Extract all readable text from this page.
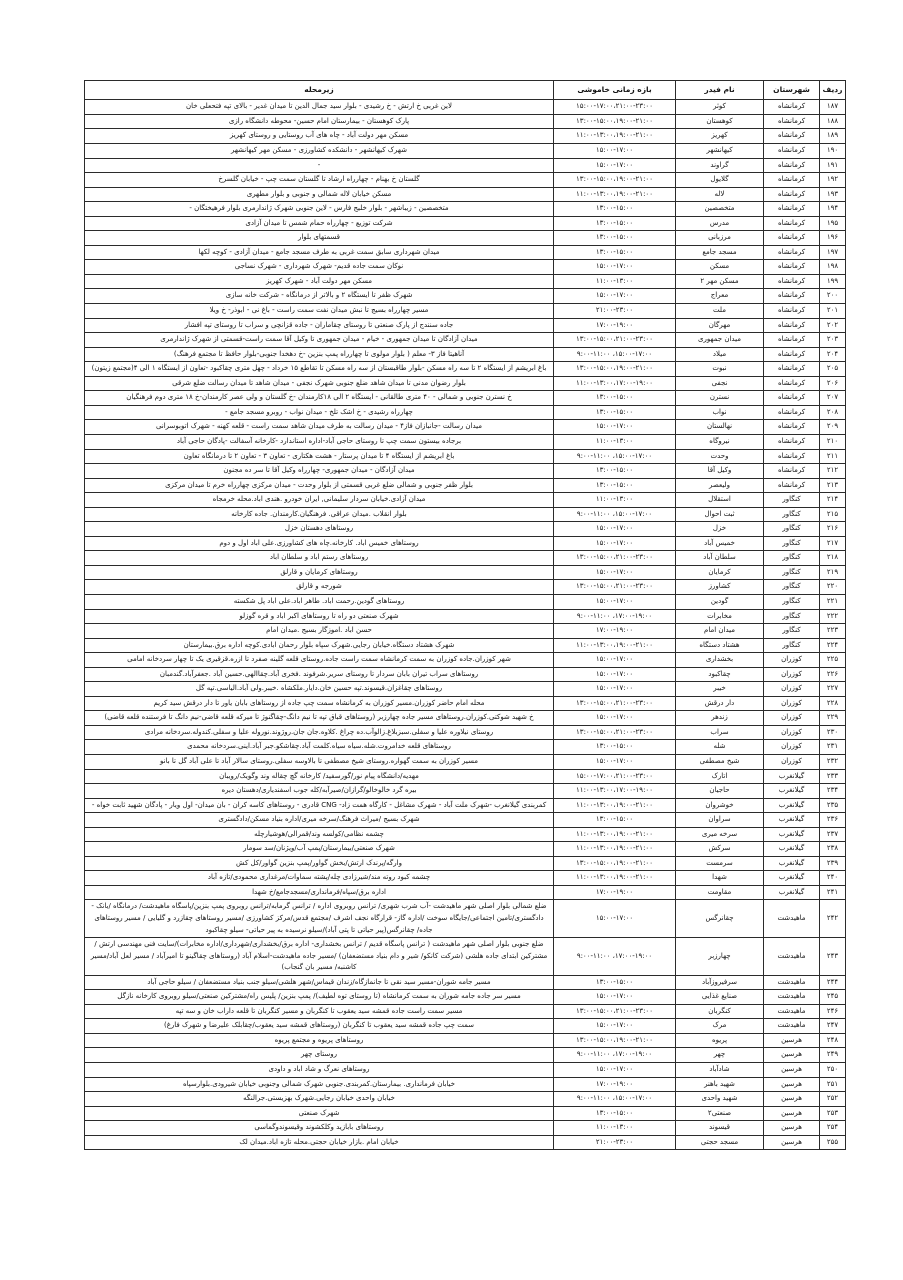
ردیف	شهرستان	نام فیدر	بازه زمانی خاموشی	زیرمحله
۱۸۷	کرمانشاه	کوثر	۱۵:۰۰-۱۷:۰۰،۲۱:۰۰-۲۳:۰۰	لاین غربی خ ارتش - خ رشیدی - بلوار سید جمال الدین تا میدان غدیر - بالای تپه فتحعلی خان
۱۸۸	کرمانشاه	کوهستان	۱۳:۰۰-۱۵:۰۰،۱۹:۰۰-۲۱:۰۰	پارک کوهستان - بیمارستان امام حسین- محوطه دانشگاه رازی
۱۸۹	کرمانشاه	کهریز	۱۱:۰۰-۱۳:۰۰،۱۹:۰۰-۲۱:۰۰	مسکن مهر دولت آباد - چاه های آب روستایی و روستای کهریز
۱۹۰	کرمانشاه	کیهانشهر	۱۵:۰۰-۱۷:۰۰	شهرک کیهانشهر - دانشکده کشاورزی - مسکن مهر کیهانشهر
۱۹۱	کرمانشاه	گراوند	۱۵:۰۰-۱۷:۰۰	-
۱۹۲	کرمانشاه	گلایول	۱۳:۰۰-۱۵:۰۰،۱۹:۰۰-۲۱:۰۰	گلستان خ بهنام - چهارراه ارشاد تا گلستان سمت چپ - خیابان گلسرخ
۱۹۳	کرمانشاه	لاله	۱۱:۰۰-۱۳:۰۰،۱۹:۰۰-۲۱:۰۰	مسکن خیابان لاله شمالی و جنوبی و بلوار مطهری
۱۹۴	کرمانشاه	متخصصین	۱۳:۰۰-۱۵:۰۰	متخصصین - زیباشهر - بلوار خلیج فارس - لاین جنوبی شهرک ژاندارمری بلوار فرهیختگان -
۱۹۵	کرمانشاه	مدرس	۱۳:۰۰-۱۵:۰۰	شرکت توزیع - چهارراه حمام شمس تا میدان آزادی
۱۹۶	کرمانشاه	مرزبانی	۱۳:۰۰-۱۵:۰۰	قسمتهای بلوار
۱۹۷	کرمانشاه	مسجد جامع	۱۳:۰۰-۱۵:۰۰	میدان شهرداری سابق سمت غربی به طرف مسجد جامع - میدان آزادی - کوچه لکها
۱۹۸	کرمانشاه	مسکن	۱۵:۰۰-۱۷:۰۰	نوکان سمت جاده قدیم- شهرک شهرداری - شهرک نساجی
۱۹۹	کرمانشاه	مسکن مهر ۲	۱۱:۰۰-۱۳:۰۰	مسکن مهر دولت آباد - شهرک کهریز
۲۰۰	کرمانشاه	معراج	۱۵:۰۰-۱۷:۰۰	شهرک ظفر تا ایستگاه ۲ و بالاتر از درمانگاه - شرکت خانه سازی
۲۰۱	کرمانشاه	ملت	۲۱:۰۰-۲۳:۰۰	مسیر چهارراه بسیج تا نبش میدان نفت سمت راست - باغ نی - ابوذر- خ ویلا
۲۰۲	کرمانشاه	مهرگان	۱۷:۰۰-۱۹:۰۰	جاده سنندج از پارک صنعتی تا روستای چقاماران - جاده قزانچی و سراب تا روستای تپه افشار
۲۰۳	کرمانشاه	میدان جمهوری	۱۳:۰۰-۱۵:۰۰،۲۱:۰۰-۲۳:۰۰	میدان آزادگان تا میدان جمهوری - خیام - میدان جمهوری تا وکیل آقا سمت راست-قسمتی از شهرک ژاندارمری
۲۰۴	کرمانشاه	میلاد	۹:۰۰-۱۱:۰۰ ،۱۵:۰۰-۱۷:۰۰	آناهیتا فاز ۳- معلم ( بلوار مولوی تا چهارراه پمپ بنزین -خ دهخدا جنوبی-بلوار حافظ تا مجتمع فرهنگ)
۲۰۵	کرمانشاه	نبوت	۱۳:۰۰-۱۵:۰۰،۱۹:۰۰-۲۱:۰۰	باغ ابریشم از ایستگاه ۲ تا سه راه مسکن -بلوار طاقبستان از سه راه مسکن تا تقاطع ۱۵ خرداد - چهل متری چقاکبود -تعاون از ایستگاه ۱ الی ۴(مجتمع زیتون)
۲۰۶	کرمانشاه	نجفی	۱۱:۰۰-۱۳:۰۰،۱۷:۰۰-۱۹:۰۰	بلوار رضوان مدنی تا میدان شاهد ضلع جنوبی شهرک نجفی - میدان شاهد تا میدان رسالت ضلع شرقی
۲۰۷	کرمانشاه	نسترن	۱۳:۰۰-۱۵:۰۰	خ نسترن جنوبی و شمالی - ۴۰ متری طالقانی - ایستگاه ۲ الی ۱۸کارمندان -خ گلستان و ولی عصر کارمندان-خ ۱۸ متری دوم فرهنگیان
۲۰۸	کرمانشاه	نواب	۱۳:۰۰-۱۵:۰۰	چهارراه رشیدی - خ اشک تلخ - میدان نواب - روبرو مسجد جامع -
۲۰۹	کرمانشاه	نهالستان	۱۵:۰۰-۱۷:۰۰	میدان رسالت -جانبازان فاز۴ - میدان رسالت به طرف میدان شاهد سمت راست - قلعه کهنه - شهرک اتوبوسرانی
۲۱۰	کرمانشاه	نیروگاه	۱۱:۰۰-۱۳:۰۰	برجاده بیستون سمت چپ تا روستای حاجی آباد-اداره استاندارد -کارخانه آسفالت -پادگان حاجی آباد
۲۱۱	کرمانشاه	وحدت	۹:۰۰-۱۱:۰۰ ،۱۵:۰۰-۱۷:۰۰	باغ ابریشم از ایستگاه ۴ تا میدان پرستار - هشت هکتاری - تعاون ۳ - تعاون ۲ تا درمانگاه تعاون
۲۱۲	کرمانشاه	وکیل آقا	۱۳:۰۰-۱۵:۰۰	میدان آزادگان - میدان جمهوری- چهارراه وکیل آقا تا سر ده مجنون
۲۱۳	کرمانشاه	ولیعصر	۱۳:۰۰-۱۵:۰۰	بلوار ظفر جنوبی و شمالی ضلع غربی قسمتی از بلوار وحدت - میدان مرکزی چهارراه خرم تا میدان مرکزی
۲۱۴	کنگاور	استقلال	۱۱:۰۰-۱۳:۰۰	میدان آزادی.خیابان سردار سلیمانی, ایران خودرو .هندی اباد.محله خرمجاه
۲۱۵	کنگاور	ثبت احوال	۹:۰۰-۱۱:۰۰ ،۱۵:۰۰-۱۷:۰۰	بلوار انقلاب .میدان عراقی. فرهنگیان.کارمندان. جاده کارخانه
۲۱۶	کنگاور	خزل	۱۵:۰۰-۱۷:۰۰	روستاهای دهستان خزل
۲۱۷	کنگاور	خمیس آباد	۱۵:۰۰-۱۷:۰۰	روستاهای خمیس اباد. کارخانه.چاه های کشاورزی.علی اباد اول و دوم
۲۱۸	کنگاور	سلطان آباد	۱۳:۰۰-۱۵:۰۰،۲۱:۰۰-۲۳:۰۰	روستاهای رستم اباد و سلطان اباد
۲۱۹	کنگاور	کرمایان	۱۵:۰۰-۱۷:۰۰	روستاهای کرمایان و قارلق
۲۲۰	کنگاور	کشاورز	۱۳:۰۰-۱۵:۰۰،۲۱:۰۰-۲۳:۰۰	شورجه و قارلق
۲۲۱	کنگاور	گودین	۱۵:۰۰-۱۷:۰۰	روستاهای گودین.رحمت اباد. طاهر اباد.علی اباد پل شکسته
۲۲۲	کنگاور	مخابرات	۹:۰۰-۱۱:۰۰ ،۱۷:۰۰-۱۹:۰۰	شهرک صنعتی دو راه تا روستاهای اکبر اباد و قره گوزلو
۲۲۳	کنگاور	میدان امام	۱۷:۰۰-۱۹:۰۰	حسن اباد .اموزگار بسیج .میدان امام
۲۲۴	کنگاور	هشتاد دستگاه	۱۱:۰۰-۱۳:۰۰،۱۹:۰۰-۲۱:۰۰	شهرک هشتاد دستگاه.خیابان رجایی.شهرک سپاه بلوار رحمان ابادی.کوچه اداره برق.بیمارستان
۲۲۵	کوزران	بخشداری	۱۵:۰۰-۱۷:۰۰	شهر کوزران.جاده کوزران به سمت کرمانشاه سمت راست جاده.روستای قلعه گلینه صفرد تا ازره.قزقیری یک تا چهار سردخانه امامی
۲۲۶	کوزران	چقاکبود	۱۵:۰۰-۱۷:۰۰	روستاهای سراب تیران بابان سردار تا روستای سریر.شرفوند .فخری آباد.چقاالهی.حسین آباد .جعفرآباد.گندمبان
۲۲۷	کوزران	خیبر	۱۵:۰۰-۱۷:۰۰	روستاهای چقاغزان.قیسوند.تپه حسین خان.دایار.ملکشاه .خیبر.ولی آباد.الیاسی.تپه گل
۲۲۸	کوزران	دار درقش	۱۳:۰۰-۱۵:۰۰،۲۱:۰۰-۲۳:۰۰	محله امام حاضر کوزران.مسیر کوزران به کرمانشاه سمت چپ جاده از روستاهای بابان یاور تا دار درقش سید کریم
۲۲۹	کوزران	زندهر	۱۵:۰۰-۱۷:۰۰	خ شهید شوکتی.کوزران.روستاهای مسیر جاده چهارزبر (روستاهای قباق تپه تا نیم دانگ-چقاگنوژ تا میرکه قلعه قاضی-نیم دانگ تا فرستنده قلعه قاضی)
۲۳۰	کوزران	سراب	۱۳:۰۰-۱۵:۰۰،۲۱:۰۰-۲۳:۰۰	روستای نیلاوره علیا و سفلی.سبزبلاغ.زالوآب.ده چراغ .کلاوه.جان جان.روژوند.نوروله علیا و سفلی.کندوله.سردخانه مرادی
۲۳۱	کوزران	شله	۱۳:۰۰-۱۵:۰۰	روستاهای قلعه خدامروت.شله.سیاه سیاه.کلمت آباد.چقاشکو.جبر آباد.اینی.سردخانه محمدی
۲۳۲	کوزران	شیخ مصطفی	۱۵:۰۰-۱۷:۰۰	مسیر کوزران به سمت گهواره.روستای شیخ مصطفی تا بالاوسه سفلی.روستای سالار آباد تا علی آباد گل تا بانو
۲۳۳	گیلانغرب	اتارک	۱۵:۰۰-۱۷:۰۰،۲۱:۰۰-۲۳:۰۰	مهدیه/دانشگاه پیام نور/گورسفید/ کارخانه گچ چقاله وند وگویک/رویبان
۲۳۴	گیلانغرب	حاجیان	۱۱:۰۰-۱۳:۰۰،۱۷:۰۰-۱۹:۰۰	بیره گرد خالوخالو/گرازان/صیرآبه/کله جوب اسفندیاری/دهستان دیره
۲۳۵	گیلانغرب	خوشروان	۱۱:۰۰-۱۳:۰۰،۱۹:۰۰-۲۱:۰۰	کمربندی گیلانغرب -شهرک ملت آباد - شهرک مشاغل - کارگاه همت زاد- CNG قادری - روستاهای کاسه کران - بان میدان- اول ویار - پادگان شهید ثابت خواه -
۲۳۶	گیلانغرب	سراوان	۱۳:۰۰-۱۵:۰۰	شهرک بسیج /میراث فرهنگ/سرخه میری/اداره بنیاد مسکن/دادگستری
۲۳۷	گیلانغرب	سرخه میری	۱۱:۰۰-۱۳:۰۰،۱۹:۰۰-۲۱:۰۰	چشمه نظامی/کولسه وند/قمرالی/هوشیارچله
۲۳۸	گیلانغرب	سرکش	۱۱:۰۰-۱۳:۰۰،۱۹:۰۰-۲۱:۰۰	شهرک صنعتی/بیمارستان/پمپ آب/ویژنان/سد سومار
۲۳۹	گیلانغرب	سرمست	۱۳:۰۰-۱۵:۰۰،۱۹:۰۰-۲۱:۰۰	وارگه/پرندک ارتش/بخش گواور/پمپ بنزین گواور/کل کش
۲۴۰	گیلانغرب	شهدا	۱۱:۰۰-۱۳:۰۰،۱۹:۰۰-۲۱:۰۰	چشمه کبود روته مند/شیرزادی چله/پشته سماوات/مرغداری محمودی/تازه آباد
۲۴۱	گیلانغرب	مقاومت	۱۷:۰۰-۱۹:۰۰	اداره برق/سپاه/فرمانداری/مسجدجامع/خ شهدا
۲۴۲	ماهیدشت	چقانرگس	۱۵:۰۰-۱۷:۰۰	ضلع شمالی بلوار اصلی شهر ماهیدشت -آب شرب شهری/ ترانس روبروی اداره / ترانس گرمابه/ترانس روبروی پمپ بنزین/پاسگاه ماهیدشت/ درمانگاه /بانک - دادگستری/تامین اجتماعی/جایگاه سوخت /اداره گاز- قرارگاه نجف اشرف /مجتمع قدس/مرکز کشاورزی /مسیر روستاهای چقازرد و گلیایی / مسیر روستاهای جاده/ چقانرگس(پیر حیاتی تا پتی آباد)/سیلو نرسیده به پیر حیاتی- سیلو چقاکبود
۲۴۳	ماهیدشت	چهارزبر	۹:۰۰-۱۱:۰۰ ،۱۷:۰۰-۱۹:۰۰	ضلع جنوبی بلوار اصلی شهر ماهیدشت ( ترانس پاسگاه قدیم / ترانس بخشداری- اداره برق/بخشداری/شهرداری/اداره مخابرات)/سایت فنی مهندسی ارتش / مشترکین ابتدای جاده هلشی (شرکت کانکو/ شیر و دام بنیاد مستضعفان) /مسیر جاده ماهیدشت-اسلام آباد (روستاهای چقاگینو تا امیرآباد / مسیر لعل آباد/مسیر کاشنبه/ مسیر بان گنجاب)
۲۴۴	ماهیدشت	سرفیروزآباد	۱۳:۰۰-۱۵:۰۰	مسیر جامه شوران-مسیر سید نقی تا جانمازگاه/زندان قیماس/شهر هلشی/سیلو جنب بنیاد مستضعفان / سیلو حاجی آباد
۲۴۵	ماهیدشت	صنایع غذایی	۱۵:۰۰-۱۷:۰۰	مسیر سر جاده جامه شوران به سمت کرمانشاه (تا روستای توه لطیف)/ پمپ بنزین/ پلیس راه/مشترکین صنعتی/سیلو روبروی کارخانه نازگل
۲۴۶	ماهیدشت	کنگربان	۱۳:۰۰-۱۵:۰۰،۲۱:۰۰-۲۳:۰۰	مسیر سمت راست جاده قمشه سید یعقوب تا کنگربان و مسیر کنگربان تا قلعه داراب خان و سه تپه
۲۴۷	ماهیدشت	مرک	۱۵:۰۰-۱۷:۰۰	سمت چپ جاده قمشه سید یعقوب تا کنگربان (روستاهای قمشه سید یعقوب/چقابلک علیرضا و شهرک فارغ)
۲۴۸	هرسین	پریوه	۱۳:۰۰-۱۵:۰۰،۱۹:۰۰-۲۱:۰۰	روستاهای پریوه و مجتمع پریوه
۲۴۹	هرسین	چهر	۹:۰۰-۱۱:۰۰ ،۱۷:۰۰-۱۹:۰۰	روستای چهر
۲۵۰	هرسین	شادآباد	۱۵:۰۰-۱۷:۰۰	روستاهای نعرگ و شاد اباد و داودی
۲۵۱	هرسین	شهید باهنر	۱۷:۰۰-۱۹:۰۰	خیابان فرمانداری. بیمارستان.کمربندی.جنوبی شهرک شمالی وجنوبی خیابان شیرودی.بلوارسپاه
۲۵۲	هرسین	شهید واحدی	۹:۰۰-۱۱:۰۰ ،۱۵:۰۰-۱۷:۰۰	خیابان واحدی خیابان رجایی.شهرک بهزیستی.جرالنگه
۲۵۳	هرسین	صنعتی۲	۱۳:۰۰-۱۵:۰۰	شهرک صنعتی
۲۵۴	هرسین	قیسوند	۱۱:۰۰-۱۳:۰۰	روستاهای بابازید وکلکشوند وقیسوندوگماسی
۲۵۵	هرسین	مسجد حجتی	۲۱:۰۰-۲۳:۰۰	خیابان امام .بازار خیابان حجتی.محله تازه اباد.میدان لک
